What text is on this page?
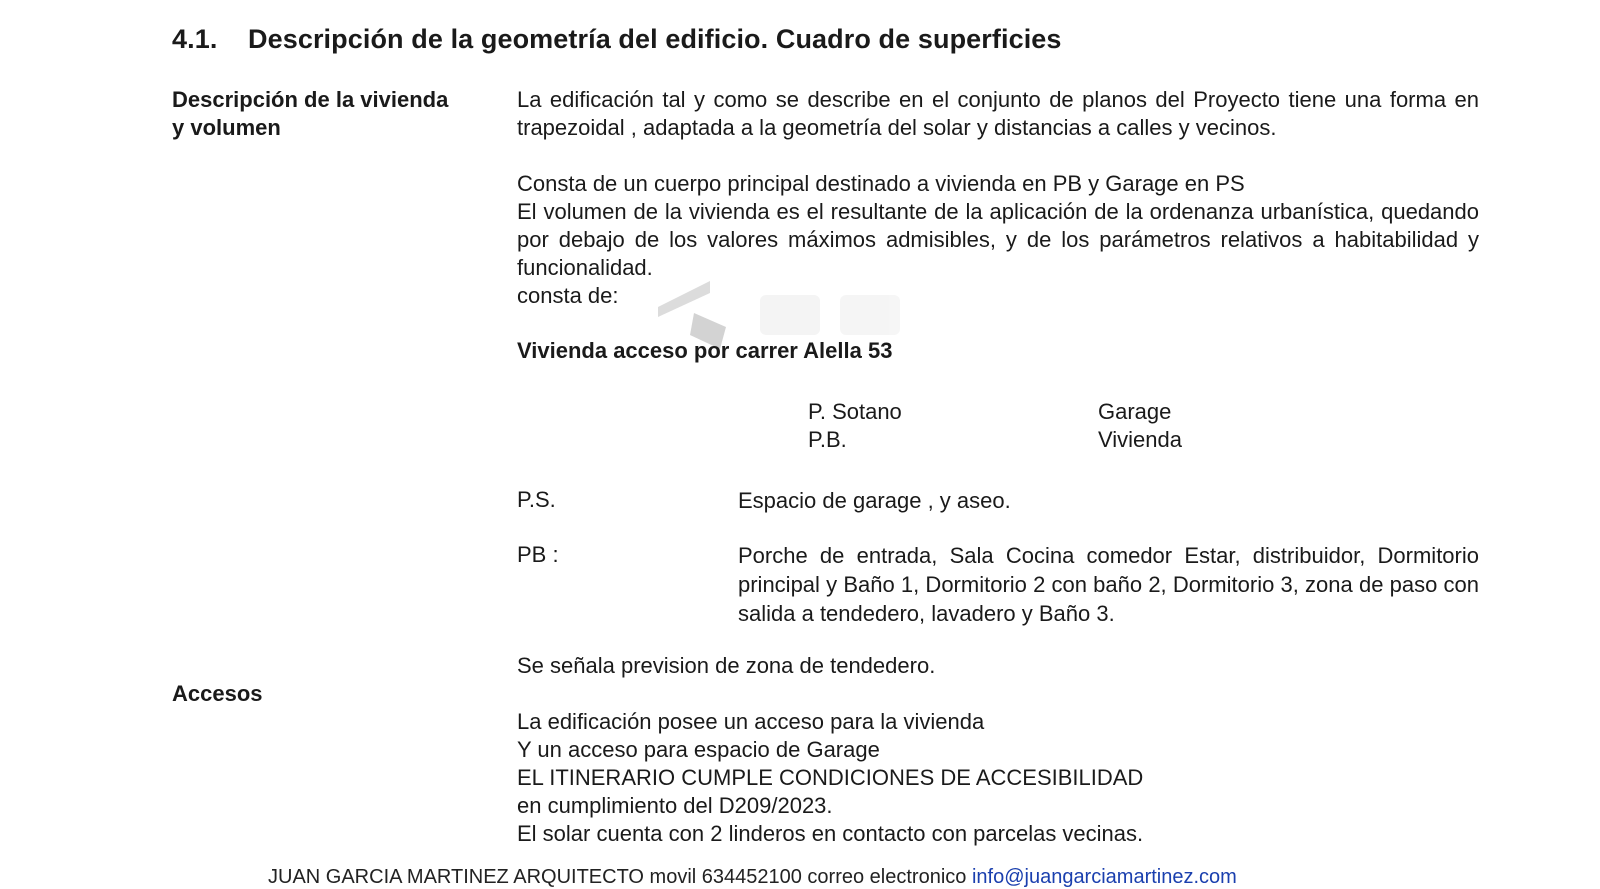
4.1. Descripción de la geometría del edificio. Cuadro de superficies
Descripción de la vivienda
y volumen
La edificación tal y como se describe en el conjunto de planos del Proyecto tiene una forma en trapezoidal , adaptada a la geometría del solar y distancias a calles y vecinos.
Consta de un cuerpo principal destinado a vivienda en PB y Garage en PS
El volumen de la vivienda es el resultante de la aplicación de la ordenanza urbanística, quedando por debajo de los valores máximos admisibles, y de los parámetros relativos a habitabilidad y funcionalidad.
consta de:
Vivienda acceso por carrer Alella 53
P. Sotano	Garage
P.B.	Vivienda
P.S.	Espacio de garage , y aseo.
PB :	Porche de entrada, Sala Cocina comedor Estar, distribuidor, Dormitorio principal y Baño 1, Dormitorio 2 con baño 2, Dormitorio 3, zona de paso con salida a tendedero, lavadero y Baño 3.
Se señala prevision de zona de tendedero.
Accesos
La edificación posee un acceso para la vivienda
Y un acceso para espacio de Garage
EL ITINERARIO CUMPLE CONDICIONES DE ACCESIBILIDAD
en cumplimiento del D209/2023.
El solar cuenta con 2 linderos en contacto con parcelas vecinas.
JUAN GARCIA MARTINEZ ARQUITECTO movil 634452100 correo electronico info@juangarciamartinez.com
